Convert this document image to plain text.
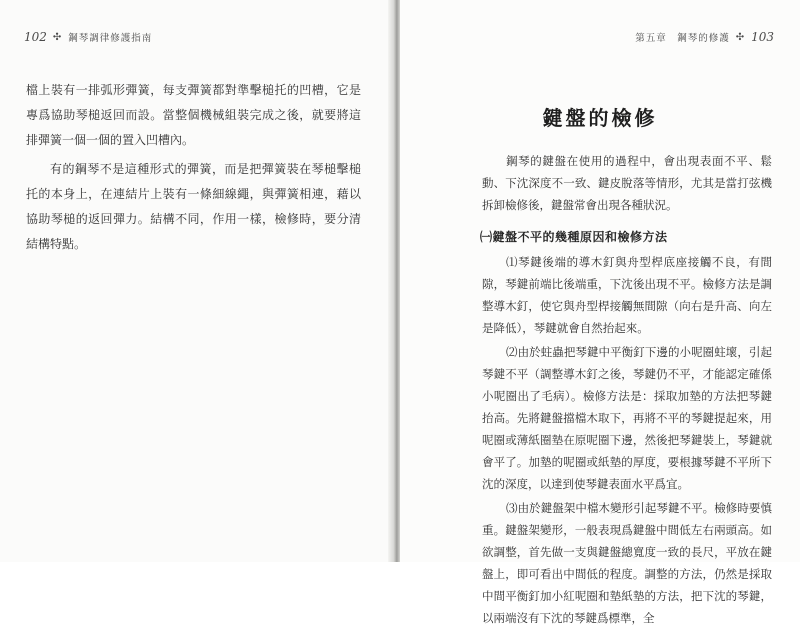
102 ✣ 鋼琴調律修護指南

檔上裝有一排弧形彈簧，每支彈簧都對準擊槌托的凹槽，它是專爲協助琴槌返回而設。當整個機械組裝完成之後，就要將這排彈簧一個一個的置入凹槽內。

有的鋼琴不是這種形式的彈簧，而是把彈簧裝在琴槌擊槌托的本身上，在連結片上裝有一條細線繩，與彈簧相連，藉以協助琴槌的返回彈力。結構不同，作用一樣，檢修時，要分清結構特點。

第五章　鋼琴的修護 ✣ 103
鍵盤的檢修

鋼琴的鍵盤在使用的過程中，會出現表面不平、鬆動、下沈深度不一致、鍵皮脫落等情形，尤其是當打弦機拆卸檢修後，鍵盤常會出現各種狀況。

㈠鍵盤不平的幾種原因和檢修方法

⑴琴鍵後端的導木釘與舟型桿底座接觸不良，有間隙，琴鍵前端比後端重，下沈後出現不平。檢修方法是調整導木釘，使它與舟型桿接觸無間隙（向右是升高、向左是降低），琴鍵就會自然抬起來。

⑵由於蛀蟲把琴鍵中平衡釘下邊的小呢圈蛀壞，引起琴鍵不平（調整導木釘之後，琴鍵仍不平，才能認定確係小呢圈出了毛病）。檢修方法是：採取加墊的方法把琴鍵抬高。先將鍵盤擋檔木取下，再將不平的琴鍵提起來，用呢圈或薄紙圈墊在原呢圈下邊，然後把琴鍵裝上，琴鍵就會平了。加墊的呢圈或紙墊的厚度，要根據琴鍵不平所下沈的深度，以達到使琴鍵表面水平爲宜。

⑶由於鍵盤架中檔木變形引起琴鍵不平。檢修時要慎重。鍵盤架變形，一般表現爲鍵盤中間低左右兩頭高。如欲調整，首先做一支與鍵盤總寬度一致的長尺，平放在鍵盤上，即可看出中間低的程度。調整的方法，仍然是採取中間平衡釘加小紅呢圈和墊紙墊的方法，把下沈的琴鍵，以兩端沒有下沈的琴鍵爲標準，全
